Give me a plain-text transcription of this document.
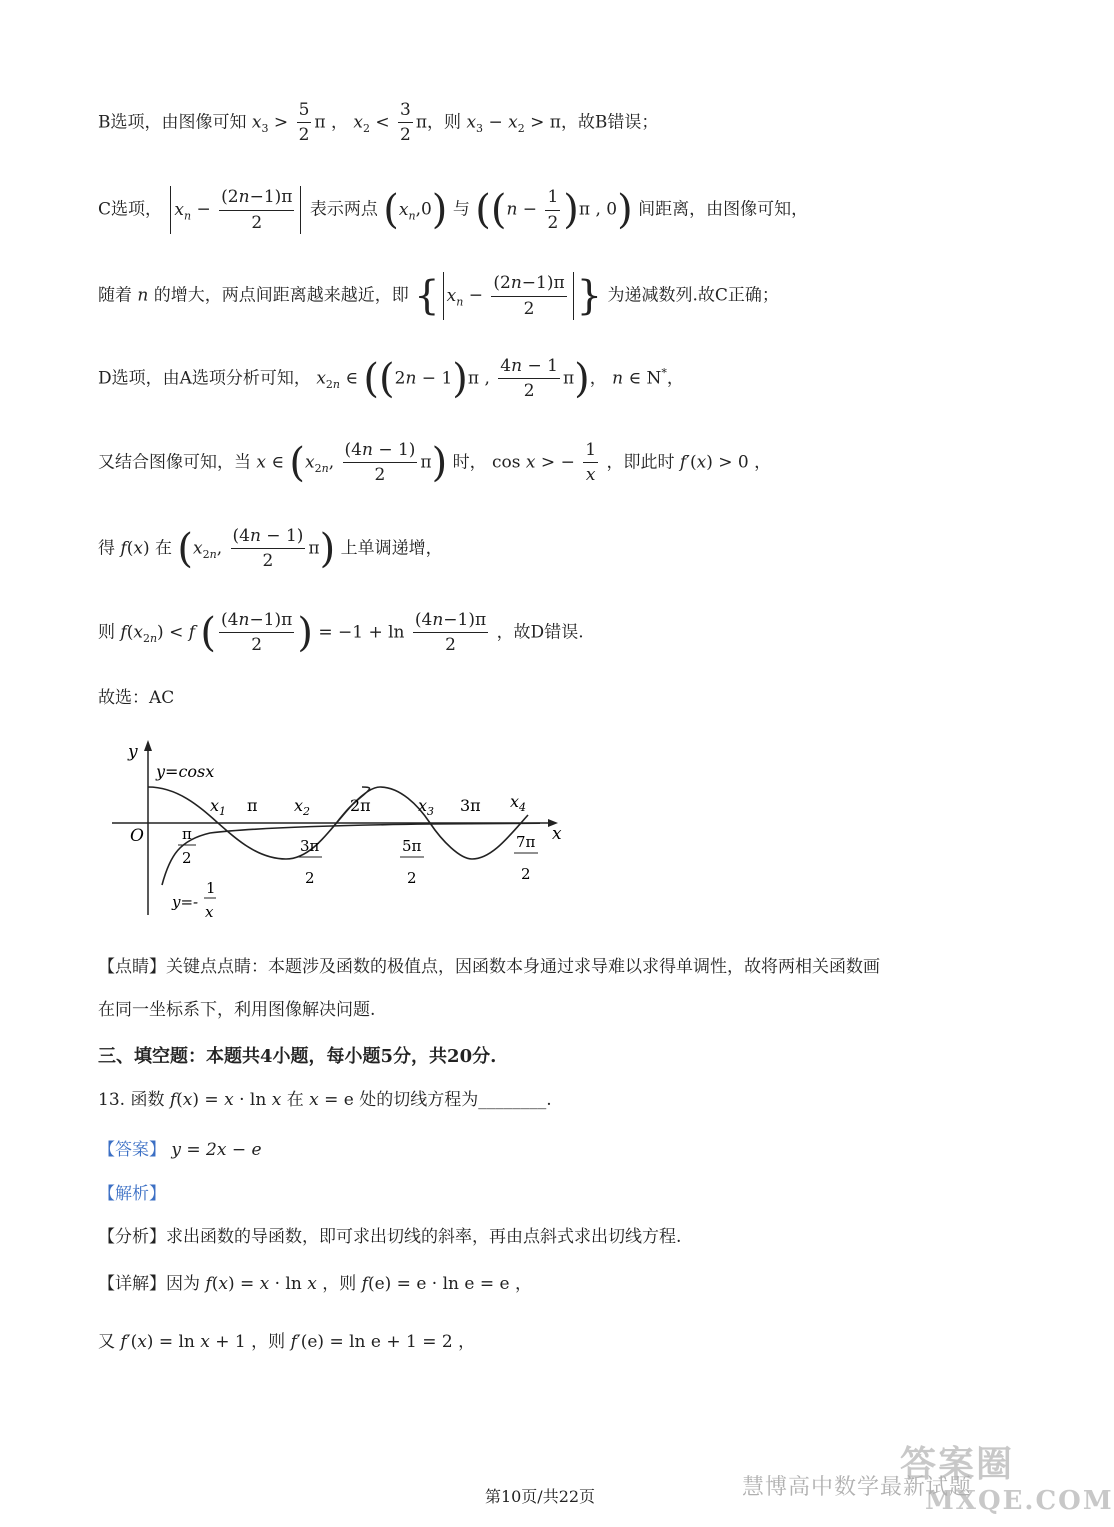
B选项，由图像可知 $x_3 > \frac{5}{2}$ π ， $x_2 < \frac{3}{2}$ π，则 $x_3 - x_2 > \pi$，故B错误；
C选项， $x_n - \frac{(2n-1)\pi}{2}$ 表示两点 $(x_n,0)$ 与 ($(n - \frac{1}{2} )\pi$ , 0) 间距离，由图像可知，
随着 n 的增大，两点间距离越来越近，即 { $x_n - \frac{(2n-1)\pi}{2}$ } 为递减数列.故C正确；
D选项，由A选项分析可知， $x_{2n}$ ∈ ((2n − 1)π , $\frac{4n - 1}{2} \pi$)， n ∈ N*，
又结合图像可知，当 x ∈ ($x_{2n}$, $\frac{(4n - 1)}{2} \pi$) 时， cos x > − $\frac{1}{x}$ ，即此时 f′(x) > 0 ，
得 f(x) 在 ($x_{2n}$, $\frac{(4n - 1)}{2} \pi$) 上单调递增，
则 $f(x_{2n}) < f$ ( $\frac{(4n-1)\pi}{2}$ ) = $-1 + \ln \frac{(4n-1)\pi}{2}$ ，故D错误.
故选：AC
y
x
O
y=cosx
y=-
1
x
$x_1$ π $x_2$ 2π	$x_3$ 3π $x_4$
π
2
3π
2
5π
2
7π
2
【点睛】关键点点睛：本题涉及函数的极值点，因函数本身通过求导难以求得单调性，故将两相关函数画
在同一坐标系下，利用图像解决问题.
三、填空题：本题共4小题，每小题5分，共20分.
13. 函数 f(x) = x · ln x 在 x = e 处的切线方程为________.
【答案】 y = 2x − e
【解析】
【分析】求出函数的导函数，即可求出切线的斜率，再由点斜式求出切线方程.
【详解】因为 f(x) = x · ln x ，则 f(e) = e · ln e = e ，
又 f′(x) = ln x + 1 ，则 f′(e) = ln e + 1 = 2 ，
答案圈
MXQE.COM
慧博高中数学最新试题
第10页/共22页
